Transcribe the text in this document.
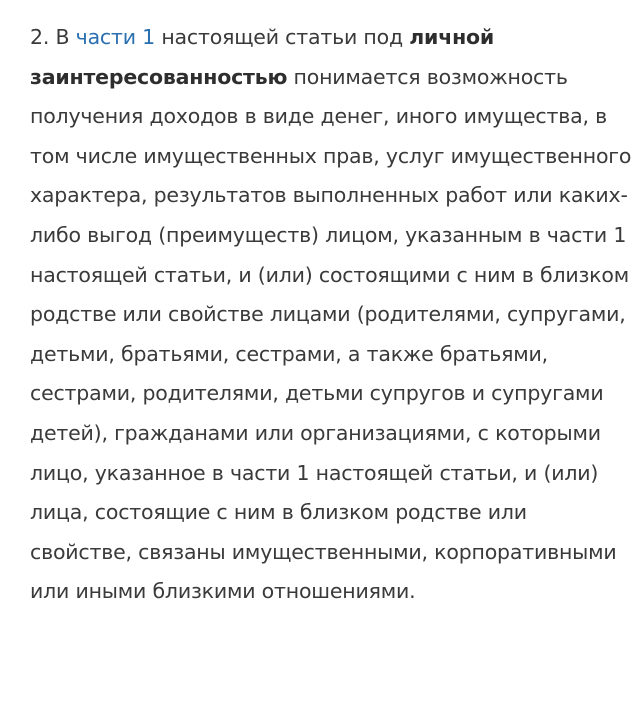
2. В части 1 настоящей статьи под личной заинтересованностью понимается возможность получения доходов в виде денег, иного имущества, в том числе имущественных прав, услуг имущественного характера, результатов выполненных работ или каких-либо выгод (преимуществ) лицом, указанным в части 1 настоящей статьи, и (или) состоящими с ним в близком родстве или свойстве лицами (родителями, супругами, детьми, братьями, сестрами, а также братьями, сестрами, родителями, детьми супругов и супругами детей), гражданами или организациями, с которыми лицо, указанное в части 1 настоящей статьи, и (или) лица, состоящие с ним в близком родстве или свойстве, связаны имущественными, корпоративными или иными близкими отношениями.
